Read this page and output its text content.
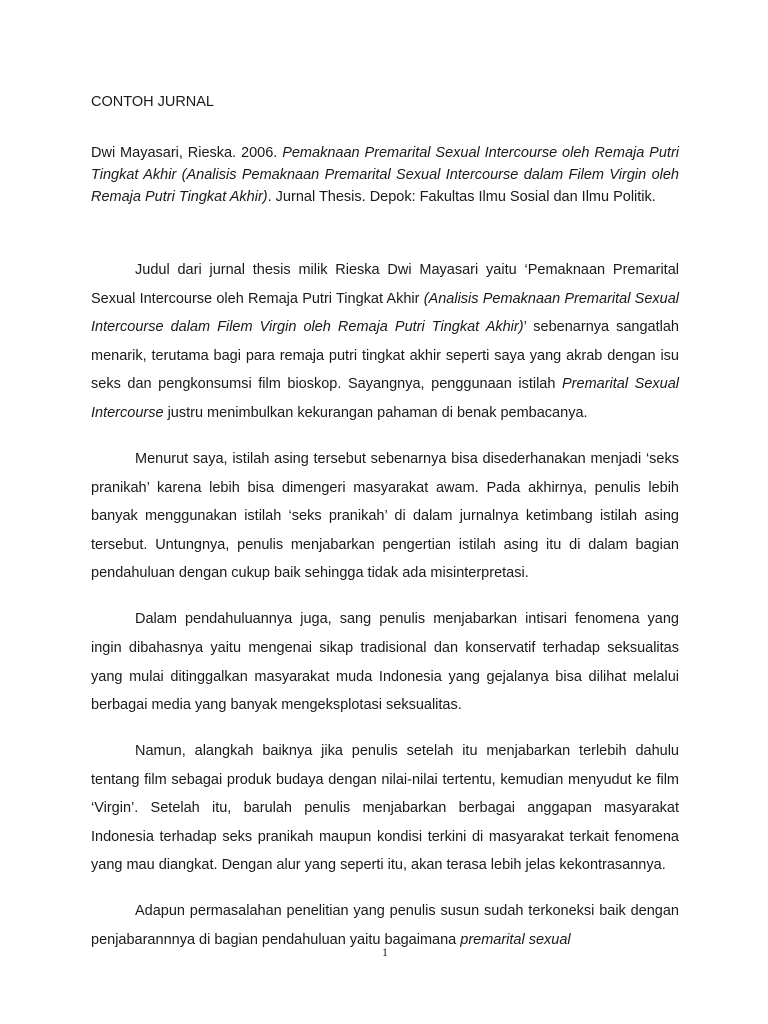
CONTOH JURNAL

Dwi Mayasari, Rieska. 2006. Pemaknaan Premarital Sexual Intercourse oleh Remaja Putri Tingkat Akhir (Analisis Pemaknaan Premarital Sexual Intercourse dalam Filem Virgin oleh Remaja Putri Tingkat Akhir). Jurnal Thesis. Depok: Fakultas Ilmu Sosial dan Ilmu Politik.

Judul dari jurnal thesis milik Rieska Dwi Mayasari yaitu ‘Pemaknaan Premarital Sexual Intercourse oleh Remaja Putri Tingkat Akhir (Analisis Pemaknaan Premarital Sexual Intercourse dalam Filem Virgin oleh Remaja Putri Tingkat Akhir)’ sebenarnya sangatlah menarik, terutama bagi para remaja putri tingkat akhir seperti saya yang akrab dengan isu seks dan pengkonsumsi film bioskop. Sayangnya, penggunaan istilah Premarital Sexual Intercourse justru menimbulkan kekurangan pahaman di benak pembacanya.

Menurut saya, istilah asing tersebut sebenarnya bisa disederhanakan menjadi ‘seks pranikah’ karena lebih bisa dimengeri masyarakat awam. Pada akhirnya, penulis lebih banyak menggunakan istilah ‘seks pranikah’ di dalam jurnalnya ketimbang istilah asing tersebut. Untungnya, penulis menjabarkan pengertian istilah asing itu di dalam bagian pendahuluan dengan cukup baik sehingga tidak ada misinterpretasi.

Dalam pendahuluannya juga, sang penulis menjabarkan intisari fenomena yang ingin dibahasnya yaitu mengenai sikap tradisional dan konservatif terhadap seksualitas yang mulai ditinggalkan masyarakat muda Indonesia yang gejalanya bisa dilihat melalui berbagai media yang banyak mengeksplotasi seksualitas.

Namun, alangkah baiknya jika penulis setelah itu menjabarkan terlebih dahulu tentang film sebagai produk budaya dengan nilai-nilai tertentu, kemudian menyudut ke film ‘Virgin’. Setelah itu, barulah penulis menjabarkan berbagai anggapan masyarakat Indonesia terhadap seks pranikah maupun kondisi terkini di masyarakat terkait fenomena yang mau diangkat. Dengan alur yang seperti itu, akan terasa lebih jelas kekontrasannya.

Adapun permasalahan penelitian yang penulis susun sudah terkoneksi baik dengan penjabarannnya di bagian pendahuluan yaitu bagaimana premarital sexual

1
